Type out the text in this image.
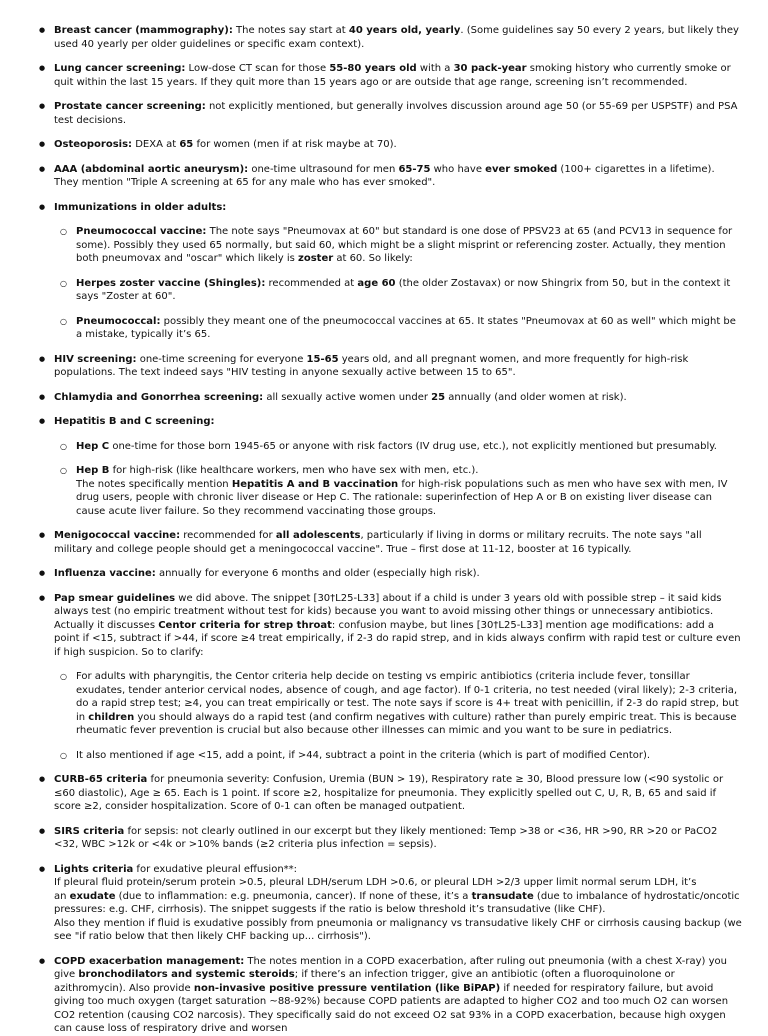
● Breast cancer (mammography): The notes say start at 40 years old, yearly. (Some guidelines say 50 every 2 years, but likely they used 40 yearly per older guidelines or specific exam context).
● Lung cancer screening: Low-dose CT scan for those 55-80 years old with a 30 pack-year smoking history who currently smoke or quit within the last 15 years. If they quit more than 15 years ago or are outside that age range, screening isn’t recommended.
● Prostate cancer screening: not explicitly mentioned, but generally involves discussion around age 50 (or 55-69 per USPSTF) and PSA test decisions.
● Osteoporosis: DEXA at 65 for women (men if at risk maybe at 70).
● AAA (abdominal aortic aneurysm): one-time ultrasound for men 65-75 who have ever smoked (100+ cigarettes in a lifetime). They mention "Triple A screening at 65 for any male who has ever smoked".
● Immunizations in older adults:
○ Pneumococcal vaccine: The note says "Pneumovax at 60" but standard is one dose of PPSV23 at 65 (and PCV13 in sequence for some). Possibly they used 65 normally, but said 60, which might be a slight misprint or referencing zoster. Actually, they mention both pneumovax and "oscar" which likely is zoster at 60. So likely:
○ Herpes zoster vaccine (Shingles): recommended at age 60 (the older Zostavax) or now Shingrix from 50, but in the context it says "Zoster at 60".
○ Pneumococcal: possibly they meant one of the pneumococcal vaccines at 65. It states "Pneumovax at 60 as well" which might be a mistake, typically it’s 65.
● HIV screening: one-time screening for everyone 15-65 years old, and all pregnant women, and more frequently for high-risk populations. The text indeed says "HIV testing in anyone sexually active between 15 to 65".
● Chlamydia and Gonorrhea screening: all sexually active women under 25 annually (and older women at risk).
● Hepatitis B and C screening:
○ Hep C one-time for those born 1945-65 or anyone with risk factors (IV drug use, etc.), not explicitly mentioned but presumably.
○ Hep B for high-risk (like healthcare workers, men who have sex with men, etc.).
The notes specifically mention Hepatitis A and B vaccination for high-risk populations such as men who have sex with men, IV drug users, people with chronic liver disease or Hep C. The rationale: superinfection of Hep A or B on existing liver disease can cause acute liver failure. So they recommend vaccinating those groups.
● Menigococcal vaccine: recommended for all adolescents, particularly if living in dorms or military recruits. The note says "all military and college people should get a meningococcal vaccine". True – first dose at 11-12, booster at 16 typically.
● Influenza vaccine: annually for everyone 6 months and older (especially high risk).
● Pap smear guidelines we did above. The snippet [30†L25-L33] about if a child is under 3 years old with possible strep – it said kids always test (no empiric treatment without test for kids) because you want to avoid missing other things or unnecessary antibiotics. Actually it discusses Centor criteria for strep throat: confusion maybe, but lines [30†L25-L33] mention age modifications: add a point if <15, subtract if >44, if score ≥4 treat empirically, if 2-3 do rapid strep, and in kids always confirm with rapid test or culture even if high suspicion. So to clarify:
○ For adults with pharyngitis, the Centor criteria help decide on testing vs empiric antibiotics (criteria include fever, tonsillar exudates, tender anterior cervical nodes, absence of cough, and age factor). If 0-1 criteria, no test needed (viral likely); 2-3 criteria, do a rapid strep test; ≥4, you can treat empirically or test. The note says if score is 4+ treat with penicillin, if 2-3 do rapid strep, but in children you should always do a rapid test (and confirm negatives with culture) rather than purely empiric treat. This is because rheumatic fever prevention is crucial but also because other illnesses can mimic and you want to be sure in pediatrics.
○ It also mentioned if age <15, add a point, if >44, subtract a point in the criteria (which is part of modified Centor).
● CURB-65 criteria for pneumonia severity: Confusion, Uremia (BUN > 19), Respiratory rate ≥ 30, Blood pressure low (<90 systolic or ≤60 diastolic), Age ≥ 65. Each is 1 point. If score ≥2, hospitalize for pneumonia. They explicitly spelled out C, U, R, B, 65 and said if score ≥2, consider hospitalization. Score of 0-1 can often be managed outpatient.
● SIRS criteria for sepsis: not clearly outlined in our excerpt but they likely mentioned: Temp >38 or <36, HR >90, RR >20 or PaCO2 <32, WBC >12k or <4k or >10% bands (≥2 criteria plus infection = sepsis).
● Lights criteria for exudative pleural effusion**:
If pleural fluid protein/serum protein >0.5, pleural LDH/serum LDH >0.6, or pleural LDH >2/3 upper limit normal serum LDH, it’s
an exudate (due to inflammation: e.g. pneumonia, cancer). If none of these, it’s a transudate (due to imbalance of hydrostatic/oncotic pressures: e.g. CHF, cirrhosis). The snippet suggests if the ratio is below threshold it’s transudative (like CHF).
Also they mention if fluid is exudative possibly from pneumonia or malignancy vs transudative likely CHF or cirrhosis causing backup (we see "if ratio below that then likely CHF backing up... cirrhosis").
● COPD exacerbation management: The notes mention in a COPD exacerbation, after ruling out pneumonia (with a chest X-ray) you give bronchodilators and systemic steroids; if there’s an infection trigger, give an antibiotic (often a fluoroquinolone or azithromycin). Also provide non-invasive positive pressure ventilation (like BiPAP) if needed for respiratory failure, but avoid giving too much oxygen (target saturation ~88-92%) because COPD patients are adapted to higher CO2 and too much O2 can worsen CO2 retention (causing CO2 narcosis). They specifically said do not exceed O2 sat 93% in a COPD exacerbation, because high oxygen can cause loss of respiratory drive and worsen
